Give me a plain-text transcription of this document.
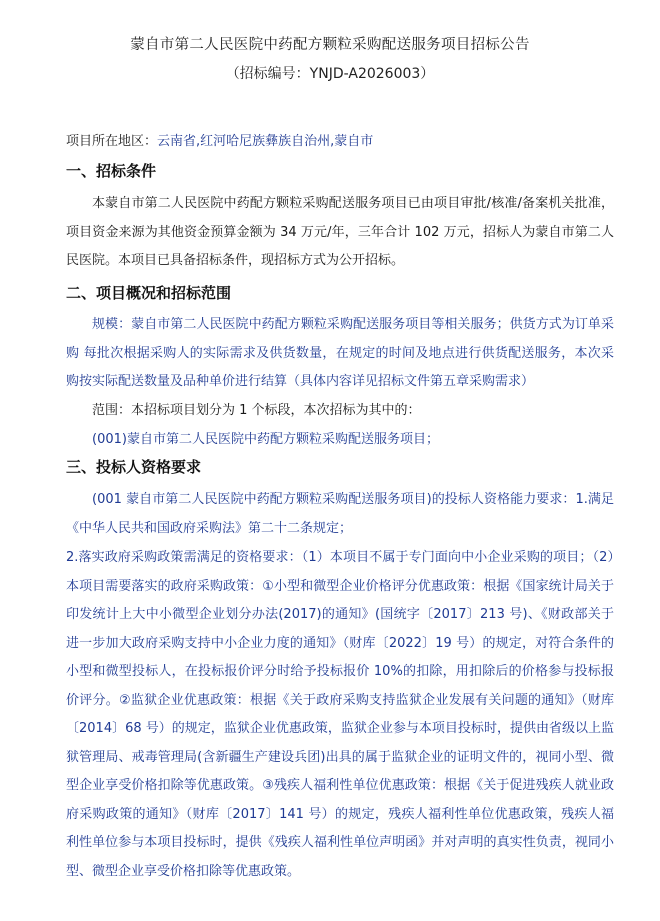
蒙自市第二人民医院中药配方颗粒采购配送服务项目招标公告
（招标编号：YNJD-A2026003）
项目所在地区：云南省,红河哈尼族彝族自治州,蒙自市
一、招标条件

本蒙自市第二人民医院中药配方颗粒采购配送服务项目已由项目审批/核准/备案机关批准，项目资金来源为其他资金预算金额为 34 万元/年，三年合计 102 万元，招标人为蒙自市第二人民医院。本项目已具备招标条件，现招标方式为公开招标。

二、项目概况和招标范围

规模：蒙自市第二人民医院中药配方颗粒采购配送服务项目等相关服务；供货方式为订单采购 每批次根据采购人的实际需求及供货数量，在规定的时间及地点进行供货配送服务，本次采购按实际配送数量及品种单价进行结算（具体内容详见招标文件第五章采购需求）

范围：本招标项目划分为 1 个标段，本次招标为其中的：

(001)蒙自市第二人民医院中药配方颗粒采购配送服务项目；

三、投标人资格要求

(001 蒙自市第二人民医院中药配方颗粒采购配送服务项目)的投标人资格能力要求：1.满足《中华人民共和国政府采购法》第二十二条规定；

2.落实政府采购政策需满足的资格要求：（1）本项目不属于专门面向中小企业采购的项目；（2）本项目需要落实的政府采购政策：①小型和微型企业价格评分优惠政策：根据《国家统计局关于印发统计上大中小微型企业划分办法(2017)的通知》(国统字〔2017〕213 号)、《财政部关于进一步加大政府采购支持中小企业力度的通知》（财库〔2022〕19 号）的规定，对符合条件的小型和微型投标人，在投标报价评分时给予投标报价 10%的扣除，用扣除后的价格参与投标报价评分。②监狱企业优惠政策：根据《关于政府采购支持监狱企业发展有关问题的通知》（财库〔2014〕68 号）的规定，监狱企业优惠政策，监狱企业参与本项目投标时，提供由省级以上监狱管理局、戒毒管理局(含新疆生产建设兵团)出具的属于监狱企业的证明文件的，视同小型、微型企业享受价格扣除等优惠政策。③残疾人福利性单位优惠政策：根据《关于促进残疾人就业政府采购政策的通知》（财库〔2017〕141 号）的规定，残疾人福利性单位优惠政策，残疾人福利性单位参与本项目投标时，提供《残疾人福利性单位声明函》并对声明的真实性负责，视同小型、微型企业享受价格扣除等优惠政策。
